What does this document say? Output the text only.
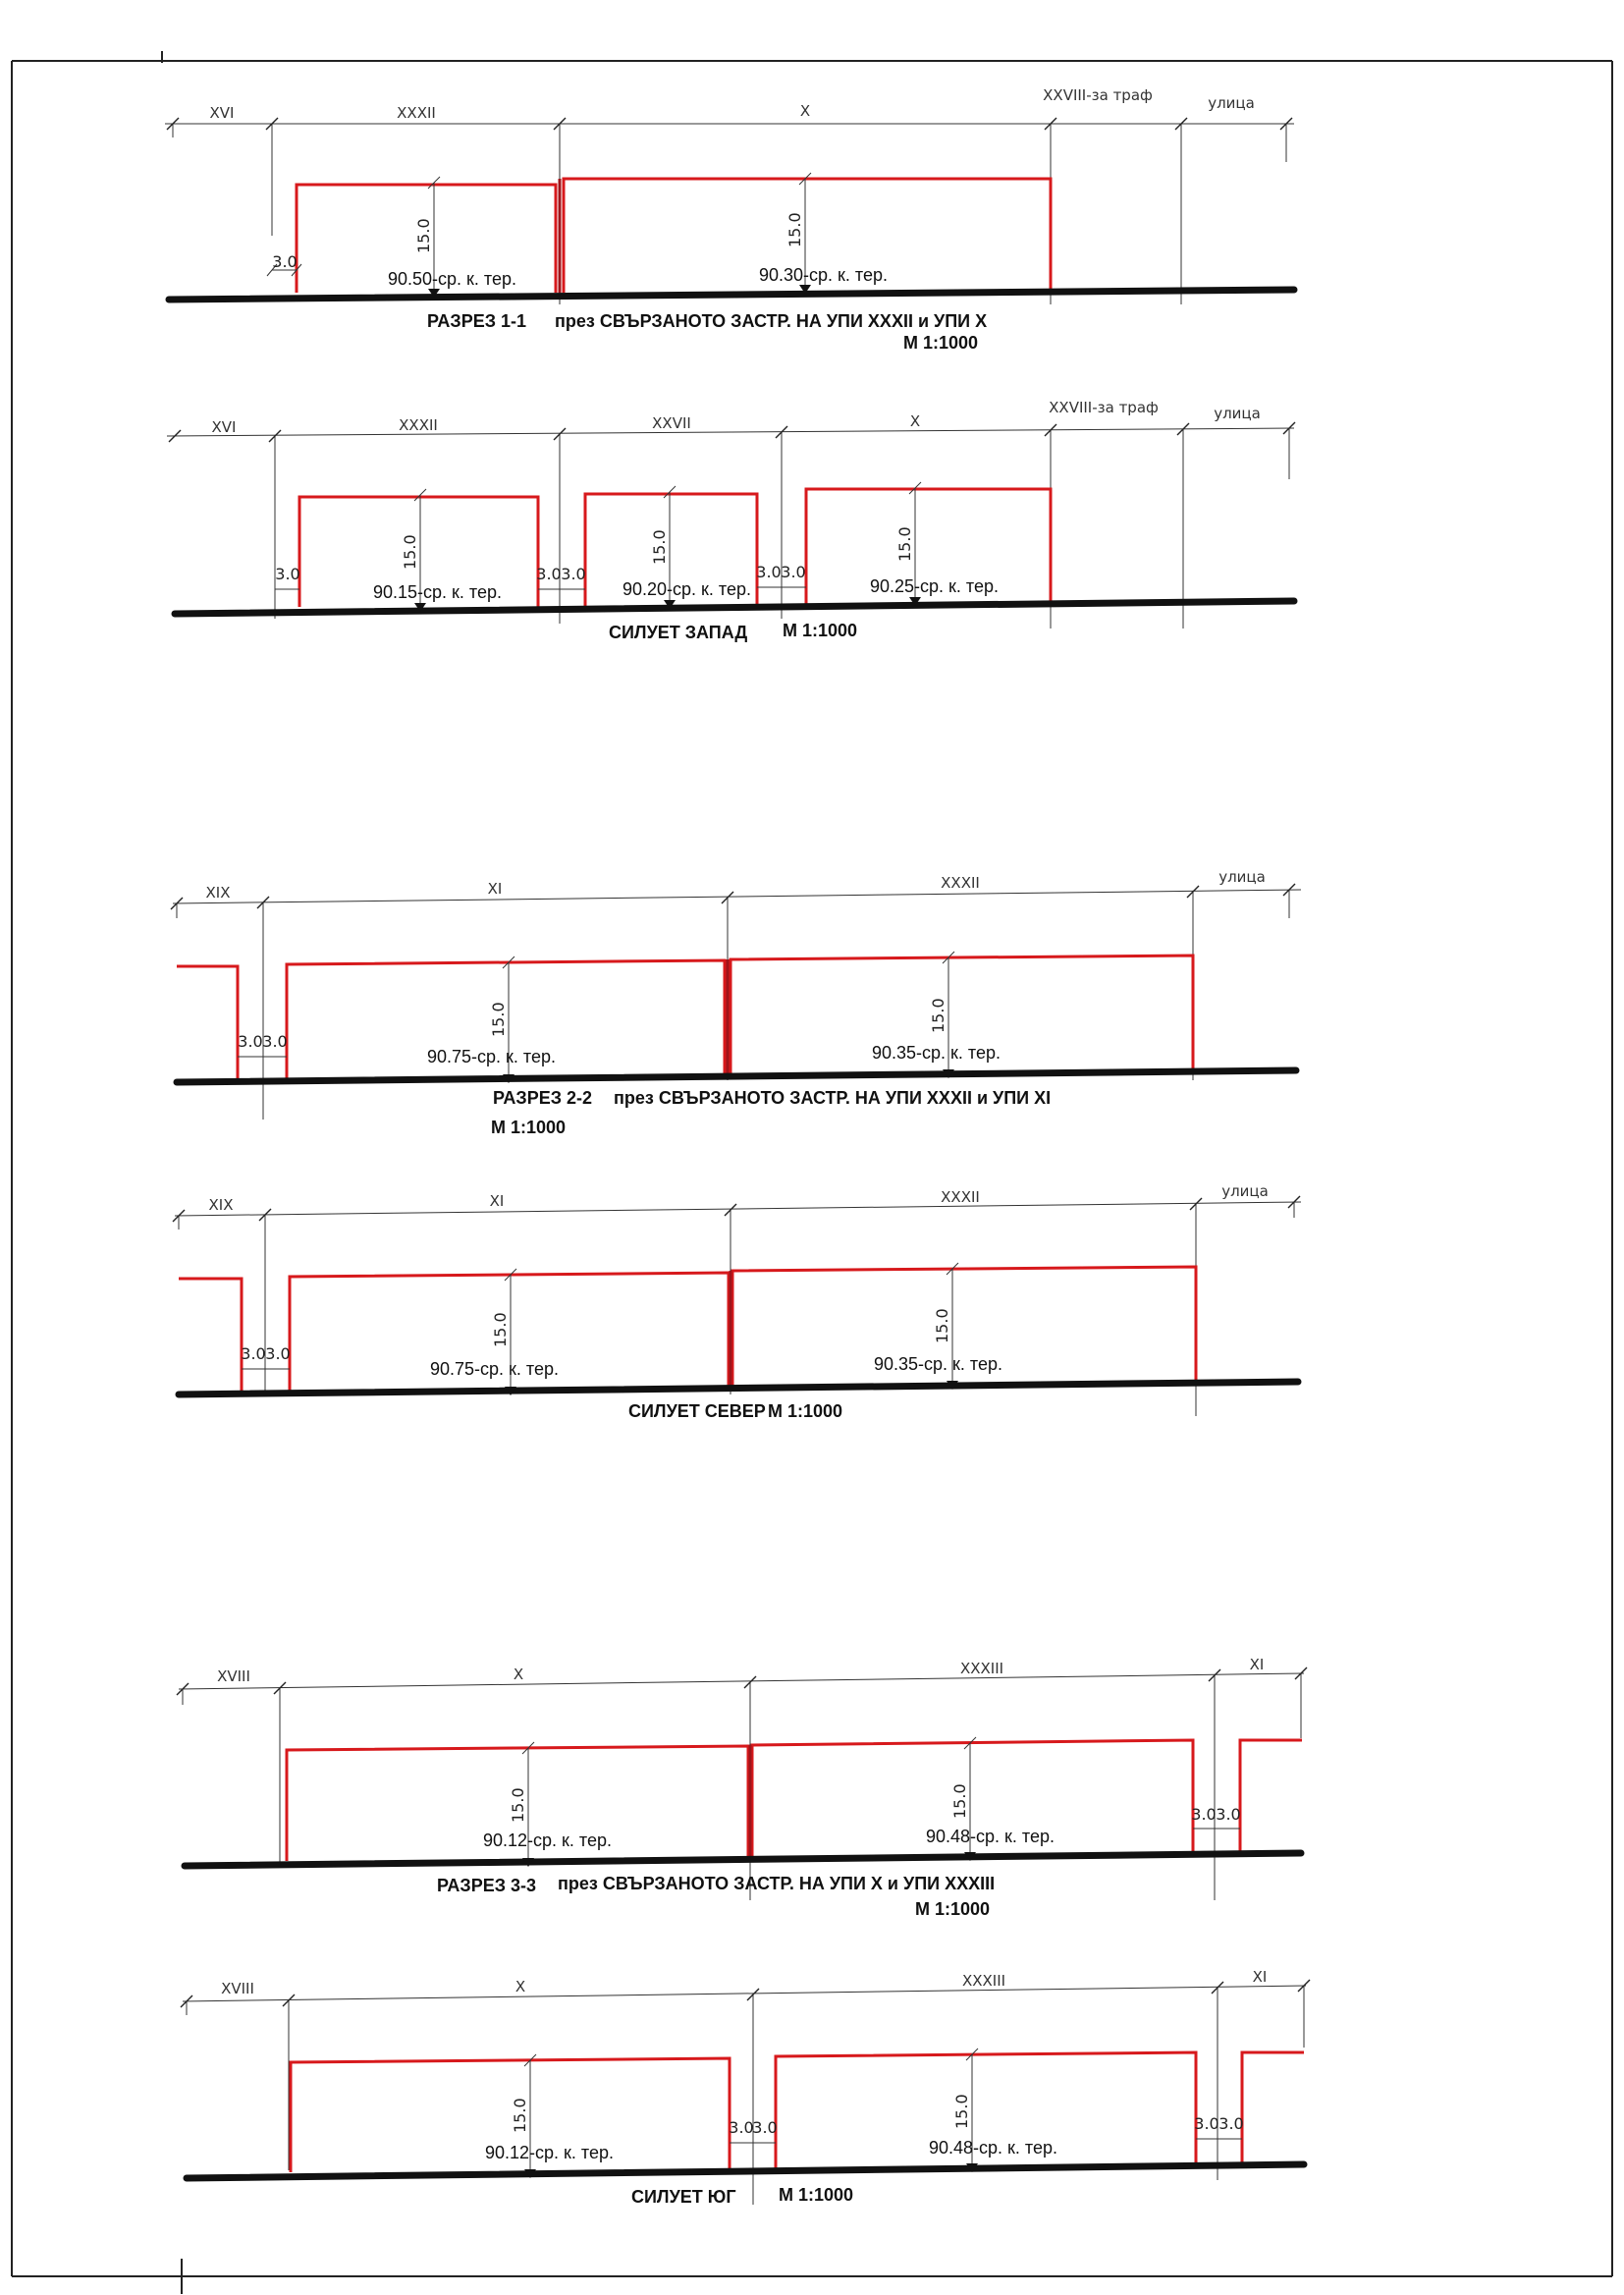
XVI	XXXII	X
XXVIII-за траф	улица
15.0	15.0
3.0
90.50-ср. к. тер.	90.30-ср. к. тер.
РАЗРЕЗ 1-1 през СВЪРЗАНОТО ЗАСТР. НА УПИ XXXII и УПИ X
М 1:1000
XVI	XXXII	XXVII	X
XXVIII-за траф	улица
15.0	15.0	15.0
3.0	3.0 3.0	3.0 3.0
90.15-ср. к. тер.	90.20-ср. к. тер.	90.25-ср. к. тер.
СИЛУЕТ ЗАПАД М 1:1000
XIX	XI	XXXII	улица
15.0	15.0
3.0 3.0
90.75-ср. к. тер.	90.35-ср. к. тер.
РАЗРЕЗ 2-2 през СВЪРЗАНОТО ЗАСТР. НА УПИ XXXII и УПИ XI
М 1:1000
XIX	XI	XXXII	улица
15.0	15.0
3.0 3.0
90.75-ср. к. тер.	90.35-ср. к. тер.
СИЛУЕТ СЕВЕР М 1:1000
XVIII	X	XXXIII	XI
15.0	15.0	3.0 3.0
90.12-ср. к. тер.	90.48-ср. к. тер.
РАЗРЕЗ 3-3 през СВЪРЗАНОТО ЗАСТР. НА УПИ X и УПИ XXXIII
М 1:1000
XVIII	X	XXXIII	XI
15.0	15.0
3.0
3.0	3.0 3.0
90.12-ср. к. тер.	90.48-ср. к. тер.
СИЛУЕТ ЮГ М 1:1000
